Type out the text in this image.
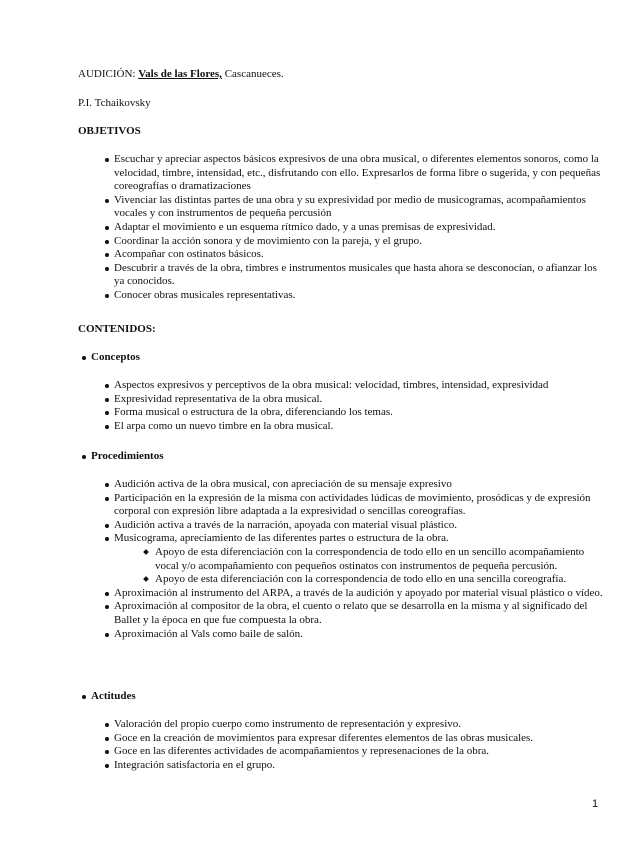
AUDICIÓN: Vals de las Flores, Cascanueces.

P.I. Tchaikovsky

OBJETIVOS

Escuchar y apreciar aspectos básicos expresivos de una obra musical, o diferentes elementos sonoros, como la velocidad, timbre, intensidad, etc., disfrutando con ello. Expresarlos de forma libre o sugerida, y con pequeñas coreografías o dramatizaciones
Vivenciar las distintas partes de una obra y su expresividad por medio de musicogramas, acompañamientos vocales y con instrumentos de pequeña percusión
Adaptar el movimiento e un esquema rítmico dado, y a unas premisas de expresividad.
Coordinar la acción sonora y de movimiento con la pareja, y el grupo.
Acompañar con ostinatos básicos.
Descubrir a través de la obra, timbres e instrumentos musicales que hasta ahora se desconocían, o afianzar los ya conocidos.
Conocer obras musicales representativas.

CONTENIDOS:

Conceptos
Aspectos expresivos y perceptivos de la obra musical: velocidad, timbres, intensidad, expresividad
Expresividad representativa de la obra musical.
Forma musical o estructura de la obra, diferenciando los temas.
El arpa como un nuevo timbre en la obra musical.
Procedimientos
Audición activa de la obra musical, con apreciación de su mensaje expresivo
Participación en la expresión de la misma con actividades lúdicas de movimiento, prosódicas y de expresión corporal con expresión libre adaptada a la expresividad o sencillas coreografías.
Audición activa a través de la narración, apoyada con material visual plástico.
Musicograma, apreciamiento de las diferentes partes o estructura de la obra.
Apoyo de esta diferenciación con la correspondencia de todo ello en un sencillo acompañamiento vocal y/o acompañamiento con pequeños ostinatos con instrumentos de pequeña percusión.
Apoyo de esta diferenciación con la correspondencia de todo ello en una sencilla coreografía.
Aproximación al instrumento del ARPA, a través de la audición y apoyado por material visual plástico o vídeo.
Aproximación al compositor de la obra, el cuento o relato que se desarrolla en la misma y al significado del Ballet y la época en que fue compuesta la obra.
Aproximación al Vals como baile de salón.
Actitudes
Valoración del propio cuerpo como instrumento de representación y expresivo.
Goce en la creación de movimientos para expresar diferentes elementos de las obras musicales.
Goce en las diferentes actividades de acompañamientos y represenaciones de la obra.
Integración satisfactoria en el grupo.
1
